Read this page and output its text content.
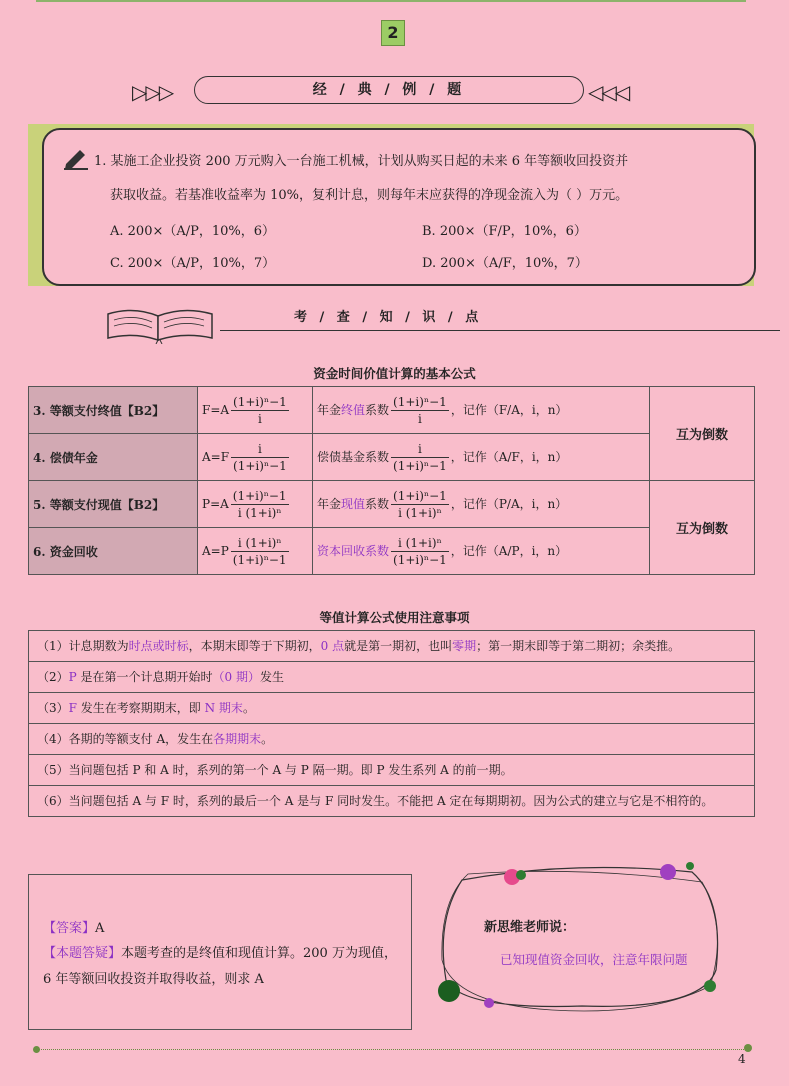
2
▷▷▷	经 / 典 / 例 / 题	◁◁◁
1. 某施工企业投资 200 万元购入一台施工机械，计划从购买日起的未来 6 年等额收回投资并
获取收益。若基准收益率为 10%，复利计息，则每年末应获得的净现金流入为（ ）万元。
A. 200×（A/P，10%，6）	B. 200×（F/P，10%，6）
C. 200×（A/P，10%，7）	D. 200×（A/F，10%，7）
考 / 查 / 知 / 识 / 点
资金时间价值计算的基本公式
3. 等额支付终值【B2】	$F=A \frac{\text{(1+i)ⁿ−1}}{i}$	年金终值系数 $\frac{\text{(1+i)ⁿ−1}}{i}$ ，记作（F/A，i，n）	互为倒数
4. 偿债年金	$A=F \frac{i}{\text{(1+i)ⁿ−1}}$	偿债基金系数 $\frac{i}{\text{(1+i)ⁿ−1}}$ ，记作（A/F，i，n）	
5. 等额支付现值【B2】	$P=A \frac{\text{(1+i)ⁿ−1}}{\text{i (1+i)ⁿ}}$	年金现值系数 $\frac{\text{(1+i)ⁿ−1}}{\text{i (1+i)ⁿ}}$ ，记作（P/A，i，n）	互为倒数
6. 资金回收	$A=P \frac{\text{i (1+i)ⁿ}}{\text{(1+i)ⁿ−1}}$	资本回收系数 $\frac{\text{i (1+i)ⁿ}}{\text{(1+i)ⁿ−1}}$ ，记作（A/P，i，n）	
等值计算公式使用注意事项
（1）计息期数为时点或时标，本期末即等于下期初，0 点就是第一期初，也叫零期；第一期末即等于第二期初；余类推。
（2）P 是在第一个计息期开始时（0 期）发生
（3）F 发生在考察期期末，即 N 期末。
（4）各期的等额支付 A，发生在各期期末。
（5）当问题包括 P 和 A 时，系列的第一个 A 与 P 隔一期。即 P 发生系列 A 的前一期。
（6）当问题包括 A 与 F 时，系列的最后一个 A 是与 F 同时发生。不能把 A 定在每期期初。因为公式的建立与它是不相符的。
【答案】A
【本题答疑】本题考查的是终值和现值计算。200 万为现值，6 年等额回收投资并取得收益，则求 A
新思维老师说：
已知现值资金回收，注意年限问题
4
